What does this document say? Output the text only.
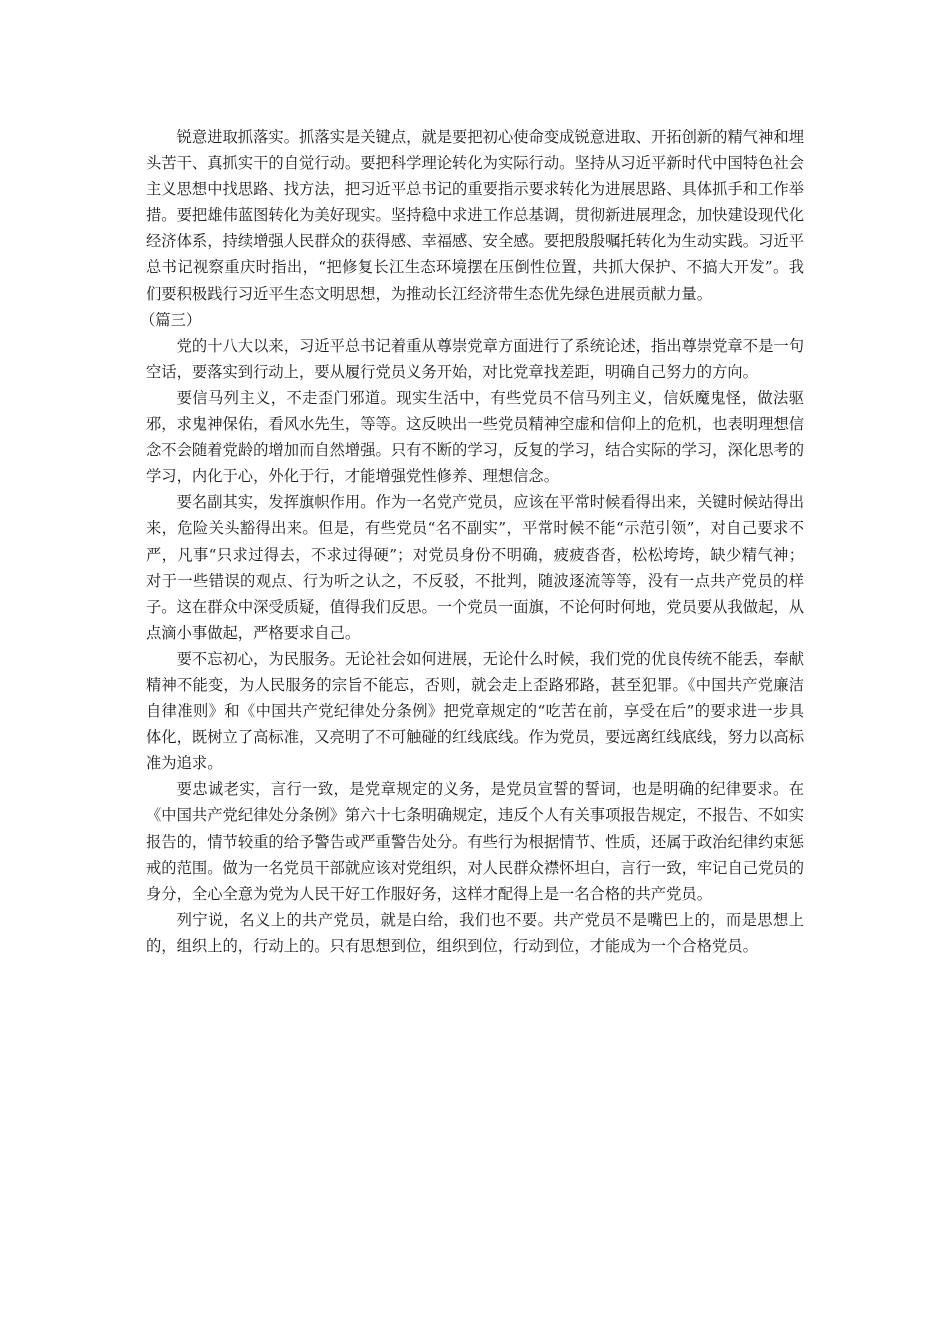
锐意进取抓落实。抓落实是关键点，就是要把初心使命变成锐意进取、开拓创新的精气神和埋头苦干、真抓实干的自觉行动。要把科学理论转化为实际行动。坚持从习近平新时代中国特色社会主义思想中找思路、找方法，把习近平总书记的重要指示要求转化为进展思路、具体抓手和工作举措。要把雄伟蓝图转化为美好现实。坚持稳中求进工作总基调，贯彻新进展理念，加快建设现代化经济体系，持续增强人民群众的获得感、幸福感、安全感。要把殷殷嘱托转化为生动实践。习近平总书记视察重庆时指出，“把修复长江生态环境摆在压倒性位置，共抓大保护、不搞大开发”。我们要积极践行习近平生态文明思想，为推动长江经济带生态优先绿色进展贡献力量。

（篇三）

党的十八大以来，习近平总书记着重从尊崇党章方面进行了系统论述，指出尊崇党章不是一句空话，要落实到行动上，要从履行党员义务开始，对比党章找差距，明确自己努力的方向。

要信马列主义，不走歪门邪道。现实生活中，有些党员不信马列主义，信妖魔鬼怪，做法驱邪，求鬼神保佑，看风水先生，等等。这反映出一些党员精神空虚和信仰上的危机，也表明理想信念不会随着党龄的增加而自然增强。只有不断的学习，反复的学习，结合实际的学习，深化思考的学习，内化于心，外化于行，才能增强党性修养、理想信念。

要名副其实，发挥旗帜作用。作为一名党产党员，应该在平常时候看得出来，关键时候站得出来，危险关头豁得出来。但是，有些党员“名不副实”，平常时候不能“示范引领”，对自己要求不严，凡事“只求过得去，不求过得硬”；对党员身份不明确，疲疲沓沓，松松垮垮，缺少精气神；对于一些错误的观点、行为听之认之，不反驳，不批判，随波逐流等等，没有一点共产党员的样子。这在群众中深受质疑，值得我们反思。一个党员一面旗，不论何时何地，党员要从我做起，从点滴小事做起，严格要求自己。

要不忘初心，为民服务。无论社会如何进展，无论什么时候，我们党的优良传统不能丢，奉献精神不能变，为人民服务的宗旨不能忘，否则，就会走上歪路邪路，甚至犯罪。《中国共产党廉洁自律准则》和《中国共产党纪律处分条例》把党章规定的“吃苦在前，享受在后”的要求进一步具体化，既树立了高标准，又亮明了不可触碰的红线底线。作为党员，要远离红线底线，努力以高标准为追求。

要忠诚老实，言行一致，是党章规定的义务，是党员宣誓的誓词，也是明确的纪律要求。在《中国共产党纪律处分条例》第六十七条明确规定，违反个人有关事项报告规定，不报告、不如实报告的，情节较重的给予警告或严重警告处分。有些行为根据情节、性质，还属于政治纪律约束惩戒的范围。做为一名党员干部就应该对党组织，对人民群众襟怀坦白，言行一致，牢记自己党员的身分，全心全意为党为人民干好工作服好务，这样才配得上是一名合格的共产党员。

列宁说，名义上的共产党员，就是白给，我们也不要。共产党员不是嘴巴上的，而是思想上的，组织上的，行动上的。只有思想到位，组织到位，行动到位，才能成为一个合格党员。
